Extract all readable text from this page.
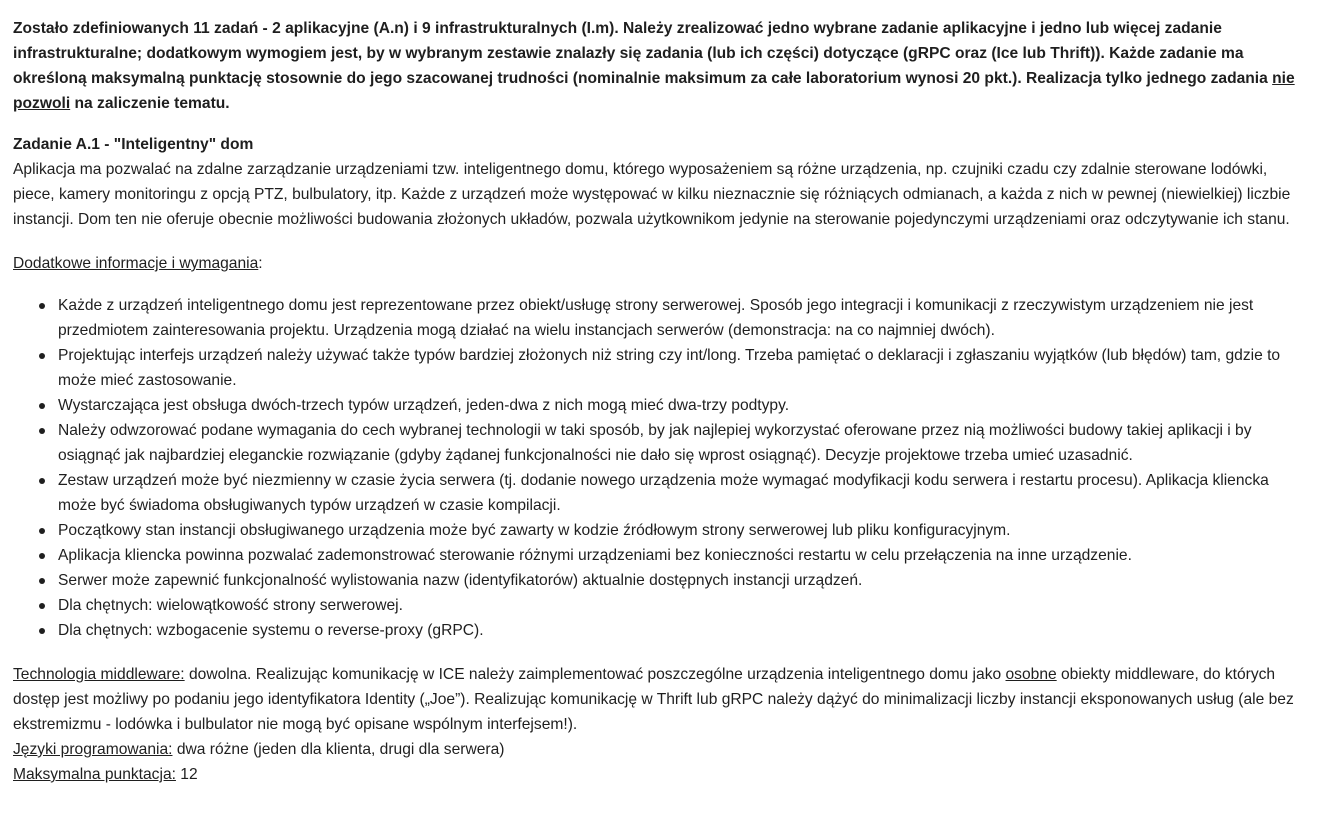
Zostało zdefiniowanych 11 zadań - 2 aplikacyjne (A.n) i 9 infrastrukturalnych (I.m). Należy zrealizować jedno wybrane zadanie aplikacyjne i jedno lub więcej zadanie infrastrukturalne; dodatkowym wymogiem jest, by w wybranym zestawie znalazły się zadania (lub ich części) dotyczące (gRPC oraz (Ice lub Thrift)). Każde zadanie ma określoną maksymalną punktację stosownie do jego szacowanej trudności (nominalnie maksimum za całe laboratorium wynosi 20 pkt.). Realizacja tylko jednego zadania nie pozwoli na zaliczenie tematu.

Zadanie A.1 - "Inteligentny" dom

Aplikacja ma pozwalać na zdalne zarządzanie urządzeniami tzw. inteligentnego domu, którego wyposażeniem są różne urządzenia, np. czujniki czadu czy zdalnie sterowane lodówki, piece, kamery monitoringu z opcją PTZ, bulbulatory, itp. Każde z urządzeń może występować w kilku nieznacznie się różniących odmianach, a każda z nich w pewnej (niewielkiej) liczbie instancji. Dom ten nie oferuje obecnie możliwości budowania złożonych układów, pozwala użytkownikom jedynie na sterowanie pojedynczymi urządzeniami oraz odczytywanie ich stanu.

Dodatkowe informacje i wymagania:

Każde z urządzeń inteligentnego domu jest reprezentowane przez obiekt/usługę strony serwerowej. Sposób jego integracji i komunikacji z rzeczywistym urządzeniem nie jest przedmiotem zainteresowania projektu. Urządzenia mogą działać na wielu instancjach serwerów (demonstracja: na co najmniej dwóch).
Projektując interfejs urządzeń należy używać także typów bardziej złożonych niż string czy int/long. Trzeba pamiętać o deklaracji i zgłaszaniu wyjątków (lub błędów) tam, gdzie to może mieć zastosowanie.
Wystarczająca jest obsługa dwóch-trzech typów urządzeń, jeden-dwa z nich mogą mieć dwa-trzy podtypy.
Należy odwzorować podane wymagania do cech wybranej technologii w taki sposób, by jak najlepiej wykorzystać oferowane przez nią możliwości budowy takiej aplikacji i by osiągnąć jak najbardziej eleganckie rozwiązanie (gdyby żądanej funkcjonalności nie dało się wprost osiągnąć). Decyzje projektowe trzeba umieć uzasadnić.
Zestaw urządzeń może być niezmienny w czasie życia serwera (tj. dodanie nowego urządzenia może wymagać modyfikacji kodu serwera i restartu procesu). Aplikacja kliencka może być świadoma obsługiwanych typów urządzeń w czasie kompilacji.
Początkowy stan instancji obsługiwanego urządzenia może być zawarty w kodzie źródłowym strony serwerowej lub pliku konfiguracyjnym.
Aplikacja kliencka powinna pozwalać zademonstrować sterowanie różnymi urządzeniami bez konieczności restartu w celu przełączenia na inne urządzenie.
Serwer może zapewnić funkcjonalność wylistowania nazw (identyfikatorów) aktualnie dostępnych instancji urządzeń.
Dla chętnych: wielowątkowość strony serwerowej.
Dla chętnych: wzbogacenie systemu o reverse-proxy (gRPC).

Technologia middleware: dowolna. Realizując komunikację w ICE należy zaimplementować poszczególne urządzenia inteligentnego domu jako osobne obiekty middleware, do których dostęp jest możliwy po podaniu jego identyfikatora Identity („Joe”). Realizując komunikację w Thrift lub gRPC należy dążyć do minimalizacji liczby instancji eksponowanych usług (ale bez ekstremizmu - lodówka i bulbulator nie mogą być opisane wspólnym interfejsem!).

Języki programowania: dwa różne (jeden dla klienta, drugi dla serwera)

Maksymalna punktacja: 12
